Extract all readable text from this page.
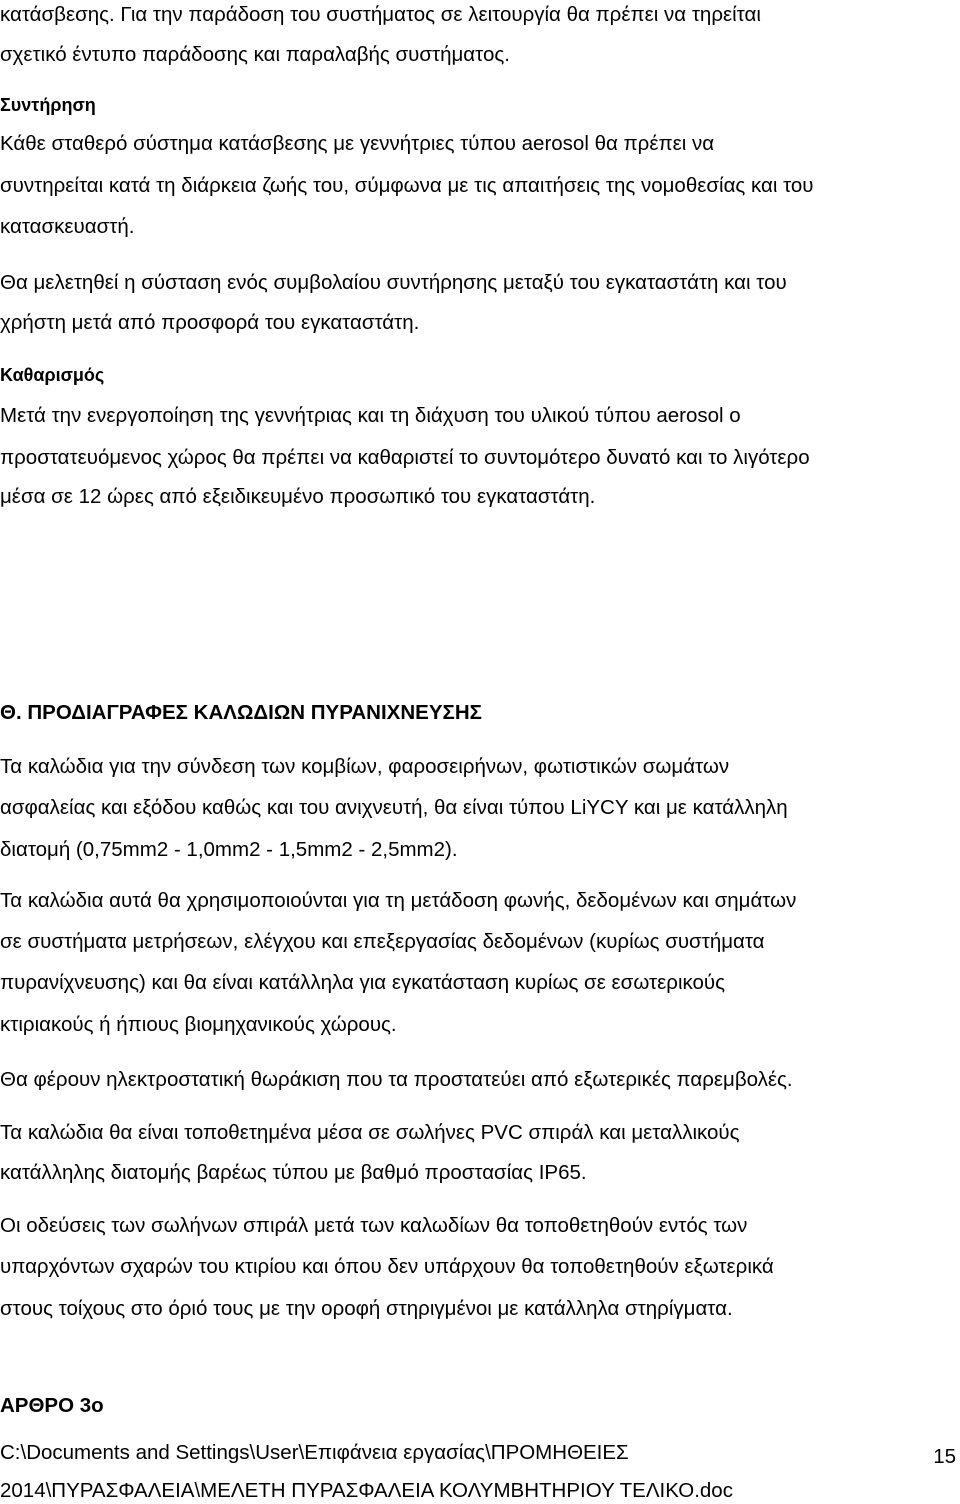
κατάσβεσης. Για την παράδοση του συστήματος σε λειτουργία θα πρέπει να τηρείται
σχετικό έντυπο παράδοσης και παραλαβής συστήματος.
Συντήρηση
Κάθε σταθερό σύστημα κατάσβεσης με γεννήτριες τύπου aerosol θα πρέπει να
συντηρείται κατά τη διάρκεια ζωής του, σύμφωνα με τις απαιτήσεις της νομοθεσίας και του
κατασκευαστή.
Θα μελετηθεί η σύσταση ενός συμβολαίου συντήρησης μεταξύ του εγκαταστάτη και του
χρήστη μετά από προσφορά του εγκαταστάτη.
Καθαρισμός
Μετά την ενεργοποίηση της γεννήτριας και τη διάχυση του υλικού τύπου aerosol ο
προστατευόμενος χώρος θα πρέπει να καθαριστεί το συντομότερο δυνατό και το λιγότερο
μέσα σε 12 ώρες από εξειδικευμένο προσωπικό του εγκαταστάτη.
Θ. ΠΡΟΔΙΑΓΡΑΦΕΣ ΚΑΛΩΔΙΩΝ ΠΥΡΑΝΙΧΝΕΥΣΗΣ
Τα καλώδια για την σύνδεση των κομβίων, φαροσειρήνων, φωτιστικών σωμάτων
ασφαλείας και εξόδου καθώς και του ανιχνευτή, θα είναι τύπου LiYCY και με κατάλληλη
διατομή (0,75mm2 - 1,0mm2 - 1,5mm2 - 2,5mm2).
Τα καλώδια αυτά θα χρησιμοποιούνται για τη μετάδοση φωνής, δεδομένων και σημάτων
σε συστήματα μετρήσεων, ελέγχου και επεξεργασίας δεδομένων (κυρίως συστήματα
πυρανίχνευσης) και θα είναι κατάλληλα για εγκατάσταση κυρίως σε εσωτερικούς
κτιριακούς ή ήπιους βιομηχανικούς χώρους.
Θα φέρουν ηλεκτροστατική θωράκιση που τα προστατεύει από εξωτερικές παρεμβολές.
Τα καλώδια θα είναι τοποθετημένα μέσα σε σωλήνες PVC σπιράλ και μεταλλικούς
κατάλληλης διατομής βαρέως τύπου με βαθμό προστασίας IP65.
Οι οδεύσεις των σωλήνων σπιράλ μετά των καλωδίων θα τοποθετηθούν εντός των
υπαρχόντων σχαρών του κτιρίου και όπου δεν υπάρχουν θα τοποθετηθούν εξωτερικά
στους τοίχους στο όριό τους με την οροφή στηριγμένοι με κατάλληλα στηρίγματα.
ΑΡΘΡΟ 3ο
C:\Documents and Settings\User\Επιφάνεια εργασίας\ΠΡΟΜΗΘΕΙΕΣ	15
2014\ΠΥΡΑΣΦΑΛΕΙΑ\ΜΕΛΕΤΗ ΠΥΡΑΣΦΑΛΕΙΑ ΚΟΛΥΜΒΗΤΗΡΙΟΥ ΤΕΛΙΚΟ.doc
